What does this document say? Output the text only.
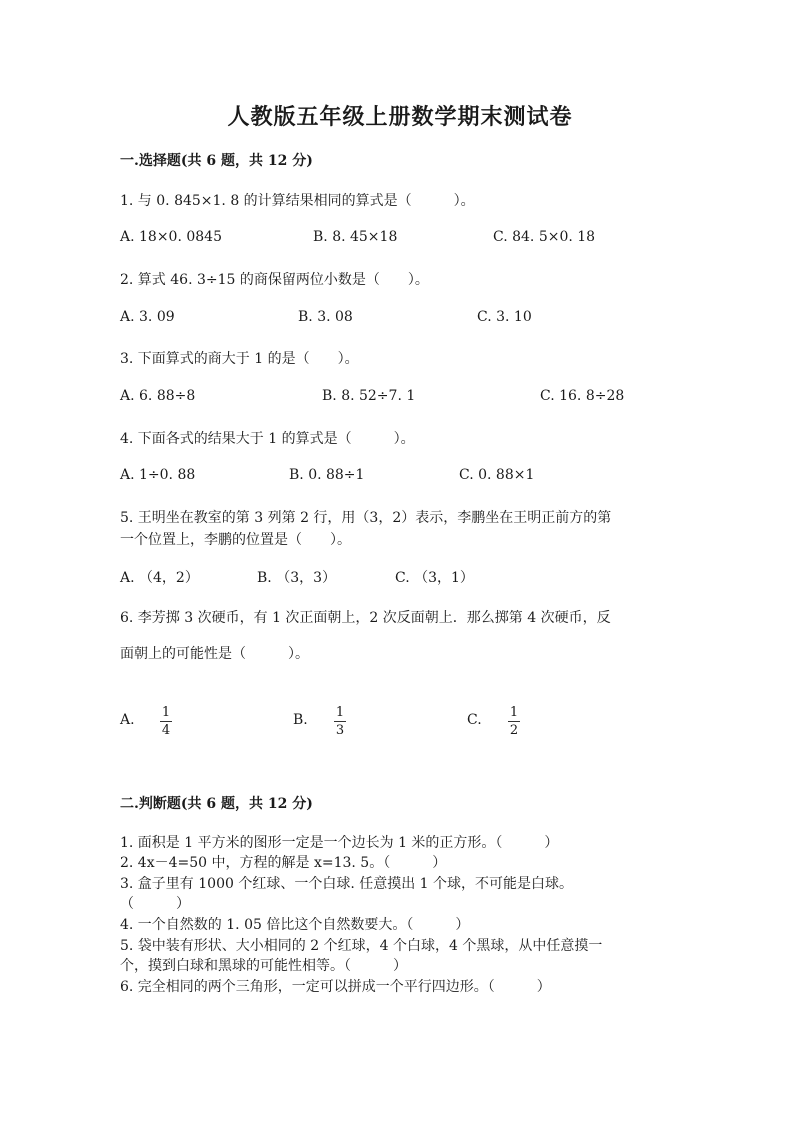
人教版五年级上册数学期末测试卷
一.选择题(共 6 题，共 12 分)
1. 与 0. 845×1. 8 的计算结果相同的算式是（　　　）。
A. 18×0. 0845	B. 8. 45×18	C. 84. 5×0. 18
2. 算式 46. 3÷15 的商保留两位小数是（　　）。
A. 3. 09	B. 3. 08	C. 3. 10
3. 下面算式的商大于 1 的是（　　）。
A. 6. 88÷8	B. 8. 52÷7. 1	C. 16. 8÷28
4. 下面各式的结果大于 1 的算式是（　　　）。
A. 1÷0. 88	B. 0. 88÷1	C. 0. 88×1
5. 王明坐在教室的第 3 列第 2 行，用（3，2）表示，李鹏坐在王明正前方的第
一个位置上，李鹏的位置是（　　）。
A. （4，2）	B. （3，3）	C. （3，1）
6. 李芳掷 3 次硬币，有 1 次正面朝上，2 次反面朝上．那么掷第 4 次硬币，反
面朝上的可能性是（　　　）。
A. 1
4
B. 1
3
C. 1
2
二.判断题(共 6 题，共 12 分)
1. 面积是 1 平方米的图形一定是一个边长为 1 米的正方形。（　　　）
2. 4x－4=50 中，方程的解是 x=13. 5。（　　　）
3. 盒子里有 1000 个红球、一个白球. 任意摸出 1 个球，不可能是白球。
（　　　）
4. 一个自然数的 1. 05 倍比这个自然数要大。（　　　）
5. 袋中装有形状、大小相同的 2 个红球，4 个白球，4 个黑球，从中任意摸一
个，摸到白球和黑球的可能性相等。（　　　）
6. 完全相同的两个三角形，一定可以拼成一个平行四边形。（　　　）
